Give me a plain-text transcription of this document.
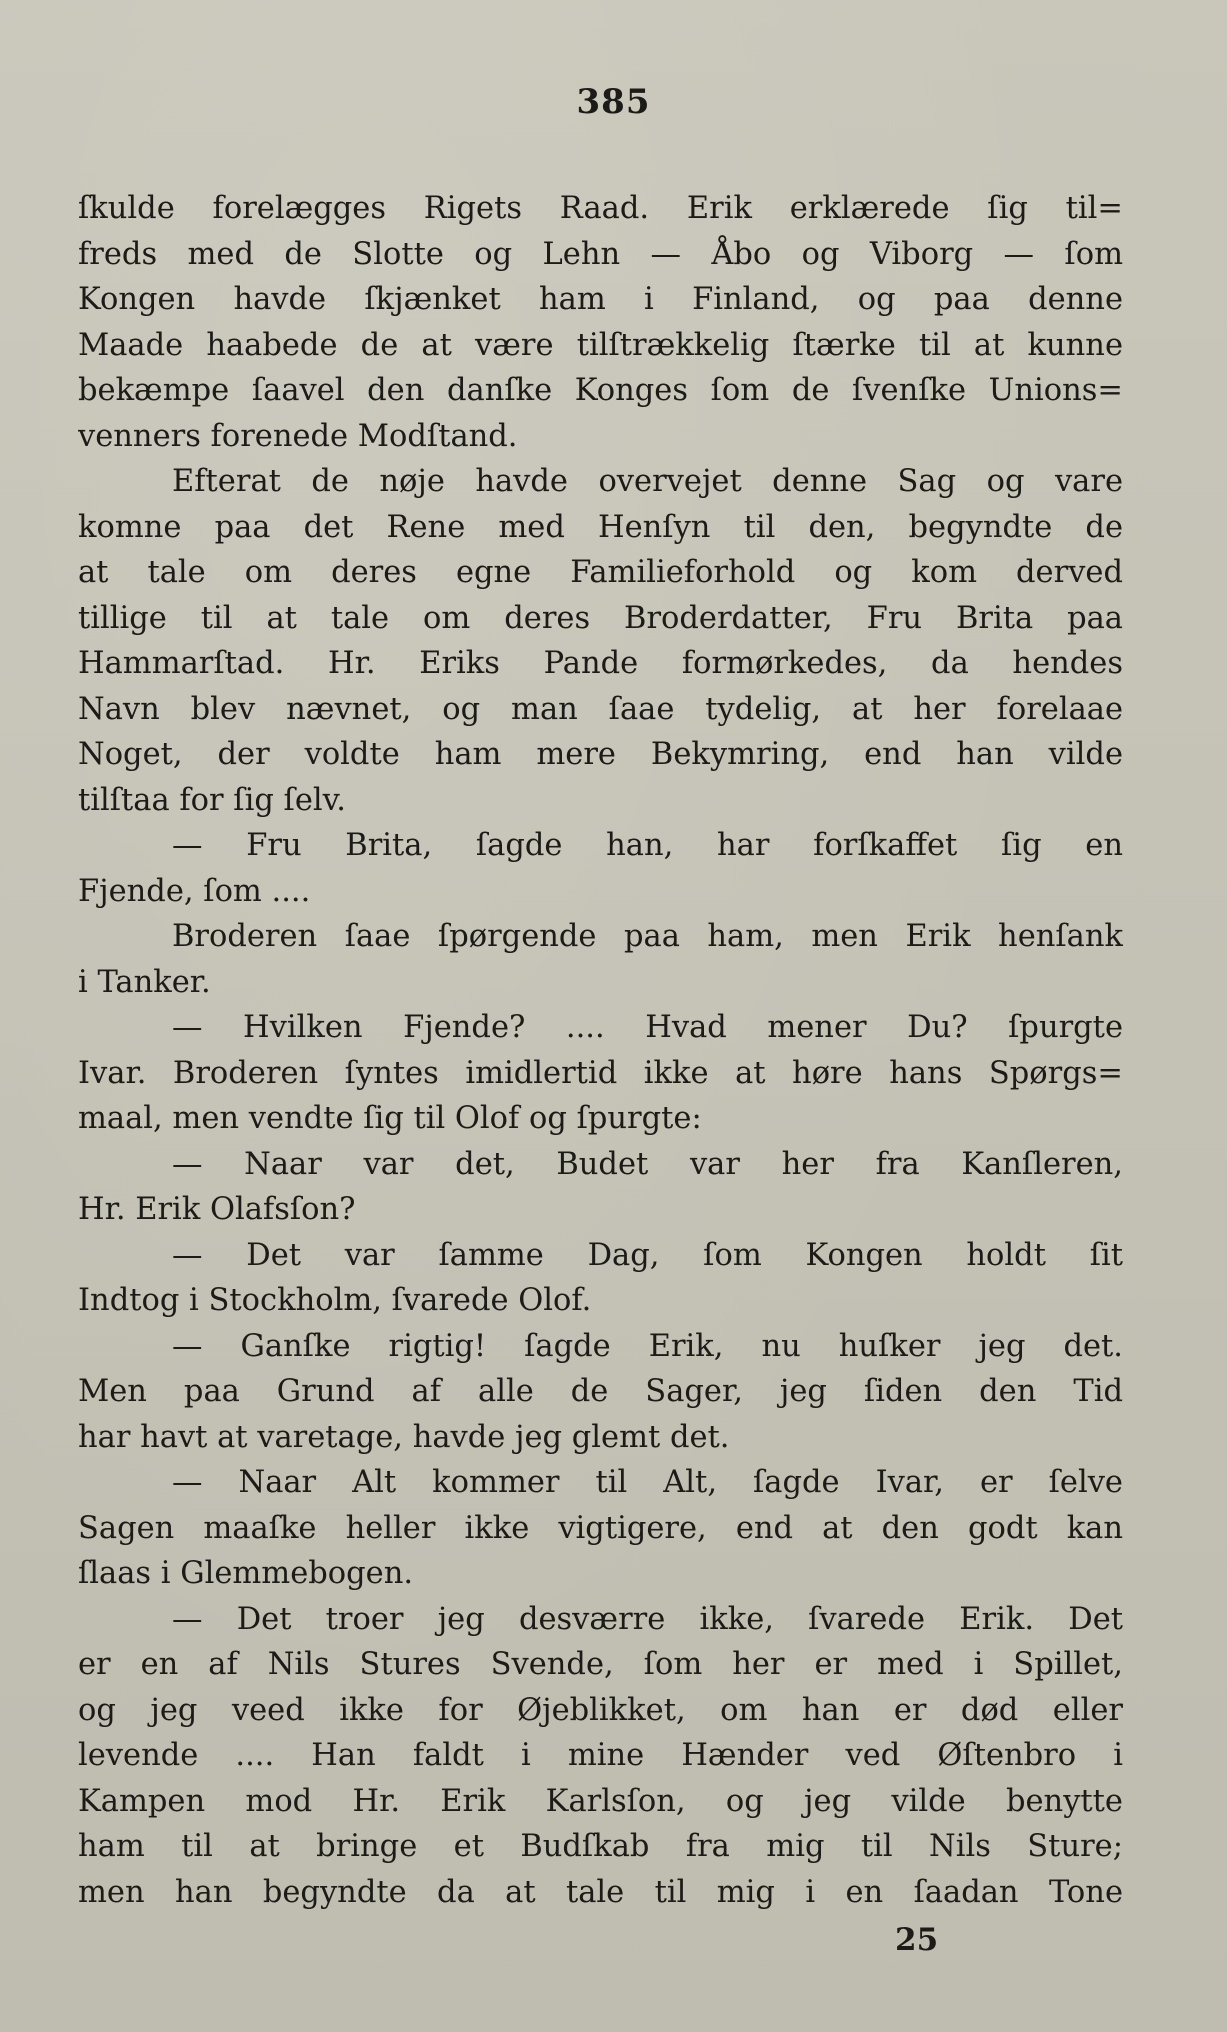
385
ſkulde forelægges Rigets Raad. Erik erklærede ſig til=
freds med de Slotte og Lehn — Åbo og Viborg — ſom
Kongen havde ſkjænket ham i Finland, og paa denne
Maade haabede de at være tilſtrækkelig ſtærke til at kunne
bekæmpe ſaavel den danſke Konges ſom de ſvenſke Unions=
venners forenede Modſtand.
Efterat de nøje havde overvejet denne Sag og vare
komne paa det Rene med Henſyn til den, begyndte de
at tale om deres egne Familieforhold og kom derved
tillige til at tale om deres Broderdatter, Fru Brita paa
Hammarſtad. Hr. Eriks Pande formørkedes, da hendes
Navn blev nævnet, og man ſaae tydelig, at her forelaae
Noget, der voldte ham mere Bekymring, end han vilde
tilſtaa for ſig ſelv.
— Fru Brita, ſagde han, har forſkaffet ſig en
Fjende, ſom ....
Broderen ſaae ſpørgende paa ham, men Erik henſank
i Tanker.
— Hvilken Fjende? .... Hvad mener Du? ſpurgte
Ivar. Broderen ſyntes imidlertid ikke at høre hans Spørgs=
maal, men vendte ſig til Olof og ſpurgte:
— Naar var det, Budet var her fra Kanſleren,
Hr. Erik Olafsſon?
— Det var ſamme Dag, ſom Kongen holdt ſit
Indtog i Stockholm, ſvarede Olof.
— Ganſke rigtig! ſagde Erik, nu huſker jeg det.
Men paa Grund af alle de Sager, jeg ſiden den Tid
har havt at varetage, havde jeg glemt det.
— Naar Alt kommer til Alt, ſagde Ivar, er ſelve
Sagen maaſke heller ikke vigtigere, end at den godt kan
ſlaas i Glemmebogen.
— Det troer jeg desværre ikke, ſvarede Erik. Det
er en af Nils Stures Svende, ſom her er med i Spillet,
og jeg veed ikke for Øjeblikket, om han er død eller
levende .... Han faldt i mine Hænder ved Øſtenbro i
Kampen mod Hr. Erik Karlsſon, og jeg vilde benytte
ham til at bringe et Budſkab fra mig til Nils Sture;
men han begyndte da at tale til mig i en ſaadan Tone
25
